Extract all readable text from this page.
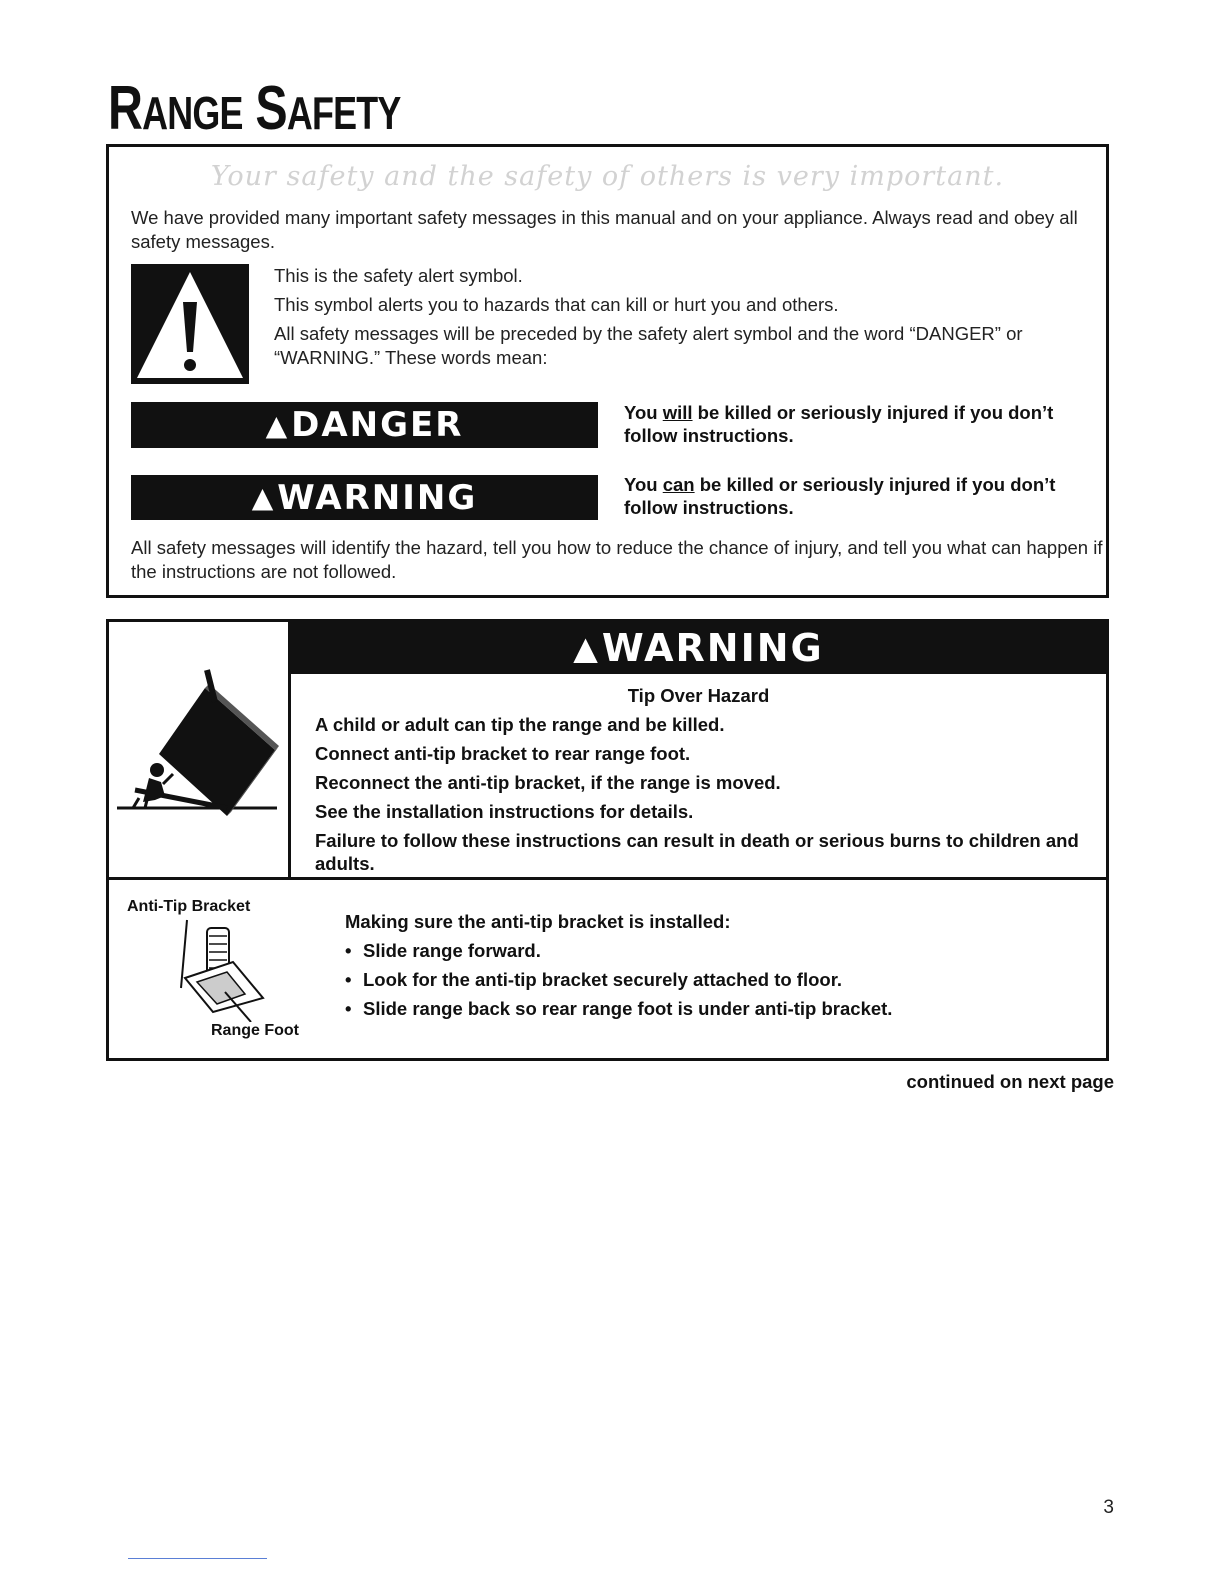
RANGE SAFETY
Your safety and the safety of others is very important.
We have provided many important safety messages in this manual and on your appliance. Always read and obey all safety messages.
This is the safety alert symbol.
This symbol alerts you to hazards that can kill or hurt you and others.
All safety messages will be preceded by the safety alert symbol and the word “DANGER” or “WARNING.” These words mean:
▲ DANGER	You will be killed or seriously injured if you don’t follow instructions.
▲ WARNING	You can be killed or seriously injured if you don’t follow instructions.
All safety messages will identify the hazard, tell you how to reduce the chance of injury, and tell you what can happen if the instructions are not followed.
▲ WARNING
Tip Over Hazard
A child or adult can tip the range and be killed.
Connect anti-tip bracket to rear range foot.
Reconnect the anti-tip bracket, if the range is moved.
See the installation instructions for details.
Failure to follow these instructions can result in death or serious burns to children and adults.
Anti-Tip Bracket
Range Foot
Making sure the anti-tip bracket is installed:
• Slide range forward.
• Look for the anti-tip bracket securely attached to floor.
• Slide range back so rear range foot is under anti-tip bracket.
continued on next page
3
